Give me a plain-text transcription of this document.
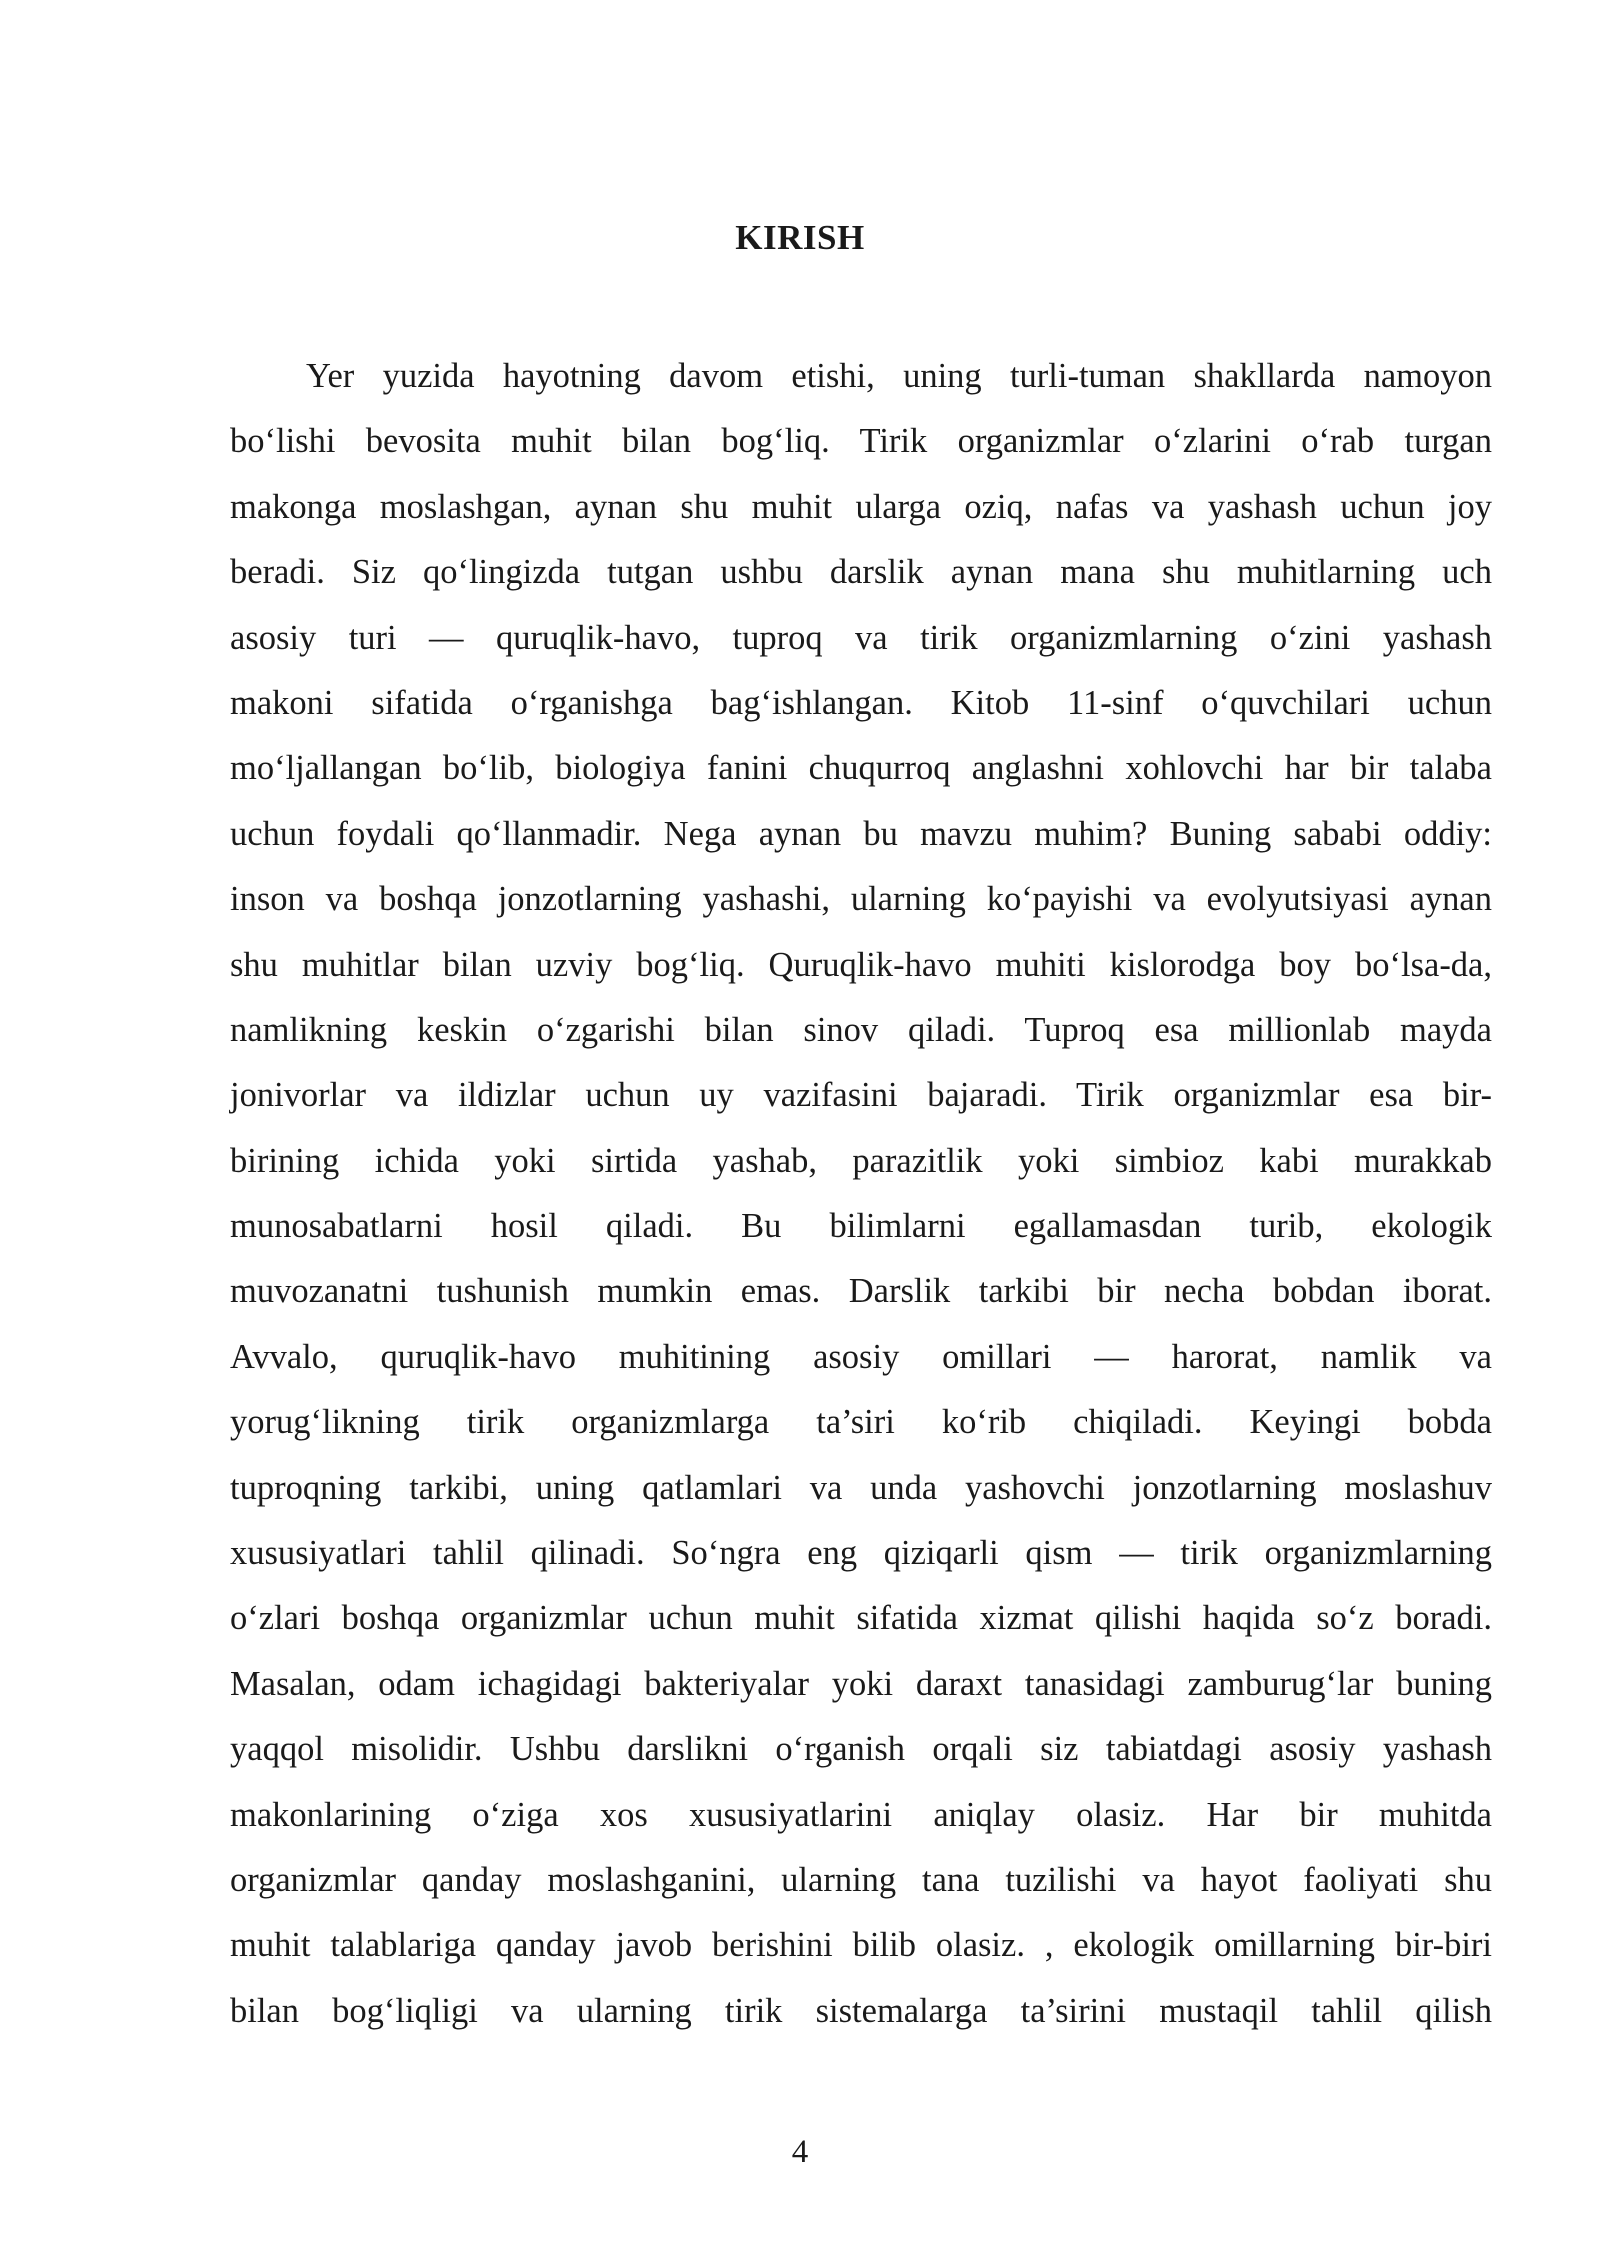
KIRISH
Yer yuzida hayotning davom etishi, uning turli-tuman shakllarda namoyon
bo‘lishi bevosita muhit bilan bog‘liq. Tirik organizmlar o‘zlarini o‘rab turgan
makonga moslashgan, aynan shu muhit ularga oziq, nafas va yashash uchun joy
beradi. Siz qo‘lingizda tutgan ushbu darslik aynan mana shu muhitlarning uch
asosiy turi — quruqlik-havo, tuproq va tirik organizmlarning o‘zini yashash
makoni sifatida o‘rganishga bag‘ishlangan. Kitob 11-sinf o‘quvchilari uchun
mo‘ljallangan bo‘lib, biologiya fanini chuqurroq anglashni xohlovchi har bir talaba
uchun foydali qo‘llanmadir. Nega aynan bu mavzu muhim? Buning sababi oddiy:
inson va boshqa jonzotlarning yashashi, ularning ko‘payishi va evolyutsiyasi aynan
shu muhitlar bilan uzviy bog‘liq. Quruqlik-havo muhiti kislorodga boy bo‘lsa-da,
namlikning keskin o‘zgarishi bilan sinov qiladi. Tuproq esa millionlab mayda
jonivorlar va ildizlar uchun uy vazifasini bajaradi. Tirik organizmlar esa bir-
birining ichida yoki sirtida yashab, parazitlik yoki simbioz kabi murakkab
munosabatlarni hosil qiladi. Bu bilimlarni egallamasdan turib, ekologik
muvozanatni tushunish mumkin emas. Darslik tarkibi bir necha bobdan iborat.
Avvalo, quruqlik-havo muhitining asosiy omillari — harorat, namlik va
yorug‘likning tirik organizmlarga ta’siri ko‘rib chiqiladi. Keyingi bobda
tuproqning tarkibi, uning qatlamlari va unda yashovchi jonzotlarning moslashuv
xususiyatlari tahlil qilinadi. So‘ngra eng qiziqarli qism — tirik organizmlarning
o‘zlari boshqa organizmlar uchun muhit sifatida xizmat qilishi haqida so‘z boradi.
Masalan, odam ichagidagi bakteriyalar yoki daraxt tanasidagi zamburug‘lar buning
yaqqol misolidir. Ushbu darslikni o‘rganish orqali siz tabiatdagi asosiy yashash
makonlarining o‘ziga xos xususiyatlarini aniqlay olasiz. Har bir muhitda
organizmlar qanday moslashganini, ularning tana tuzilishi va hayot faoliyati shu
muhit talablariga qanday javob berishini bilib olasiz. , ekologik omillarning bir-biri
bilan bog‘liqligi va ularning tirik sistemalarga ta’sirini mustaqil tahlil qilish
4
